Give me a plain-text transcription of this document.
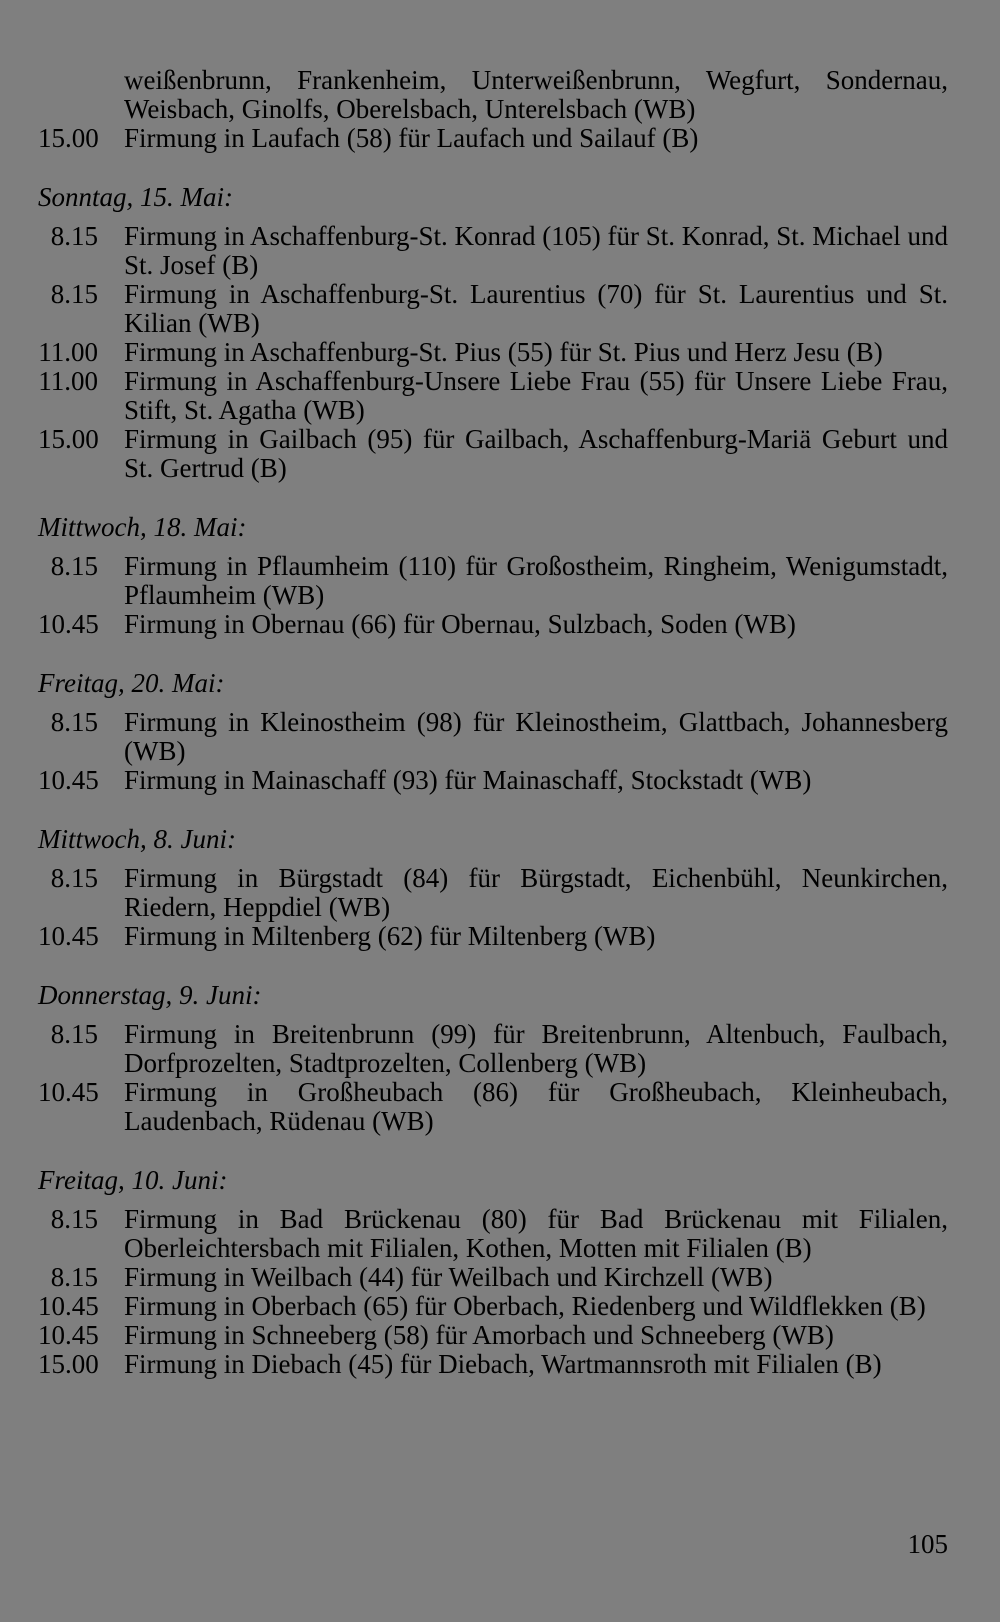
weißenbrunn, Frankenheim, Unterweißenbrunn, Wegfurt, Sondernau, Weisbach, Ginolfs, Oberelsbach, Unterelsbach (WB)
15.00 Firmung in Laufach (58) für Laufach und Sailauf (B)
Sonntag, 15. Mai:
8.15 Firmung in Aschaffenburg-St. Konrad (105) für St. Konrad, St. Michael und St. Josef (B)
8.15 Firmung in Aschaffenburg-St. Laurentius (70) für St. Laurentius und St. Kilian (WB)
11.00 Firmung in Aschaffenburg-St. Pius (55) für St. Pius und Herz Jesu (B)
11.00 Firmung in Aschaffenburg-Unsere Liebe Frau (55) für Unsere Liebe Frau, Stift, St. Agatha (WB)
15.00 Firmung in Gailbach (95) für Gailbach, Aschaffenburg-Mariä Geburt und St. Gertrud (B)
Mittwoch, 18. Mai:
8.15 Firmung in Pflaumheim (110) für Großostheim, Ringheim, Wenigumstadt, Pflaumheim (WB)
10.45 Firmung in Obernau (66) für Obernau, Sulzbach, Soden (WB)
Freitag, 20. Mai:
8.15 Firmung in Kleinostheim (98) für Kleinostheim, Glattbach, Johannesberg (WB)
10.45 Firmung in Mainaschaff (93) für Mainaschaff, Stockstadt (WB)
Mittwoch, 8. Juni:
8.15 Firmung in Bürgstadt (84) für Bürgstadt, Eichenbühl, Neunkirchen, Riedern, Heppdiel (WB)
10.45 Firmung in Miltenberg (62) für Miltenberg (WB)
Donnerstag, 9. Juni:
8.15 Firmung in Breitenbrunn (99) für Breitenbrunn, Altenbuch, Faulbach, Dorfprozelten, Stadtprozelten, Collenberg (WB)
10.45 Firmung in Großheubach (86) für Großheubach, Kleinheubach, Laudenbach, Rüdenau (WB)
Freitag, 10. Juni:
8.15 Firmung in Bad Brückenau (80) für Bad Brückenau mit Filialen, Oberleichtersbach mit Filialen, Kothen, Motten mit Filialen (B)
8.15 Firmung in Weilbach (44) für Weilbach und Kirchzell (WB)
10.45 Firmung in Oberbach (65) für Oberbach, Riedenberg und Wildflekken (B)
10.45 Firmung in Schneeberg (58) für Amorbach und Schneeberg (WB)
15.00 Firmung in Diebach (45) für Diebach, Wartmannsroth mit Filialen (B)
105
